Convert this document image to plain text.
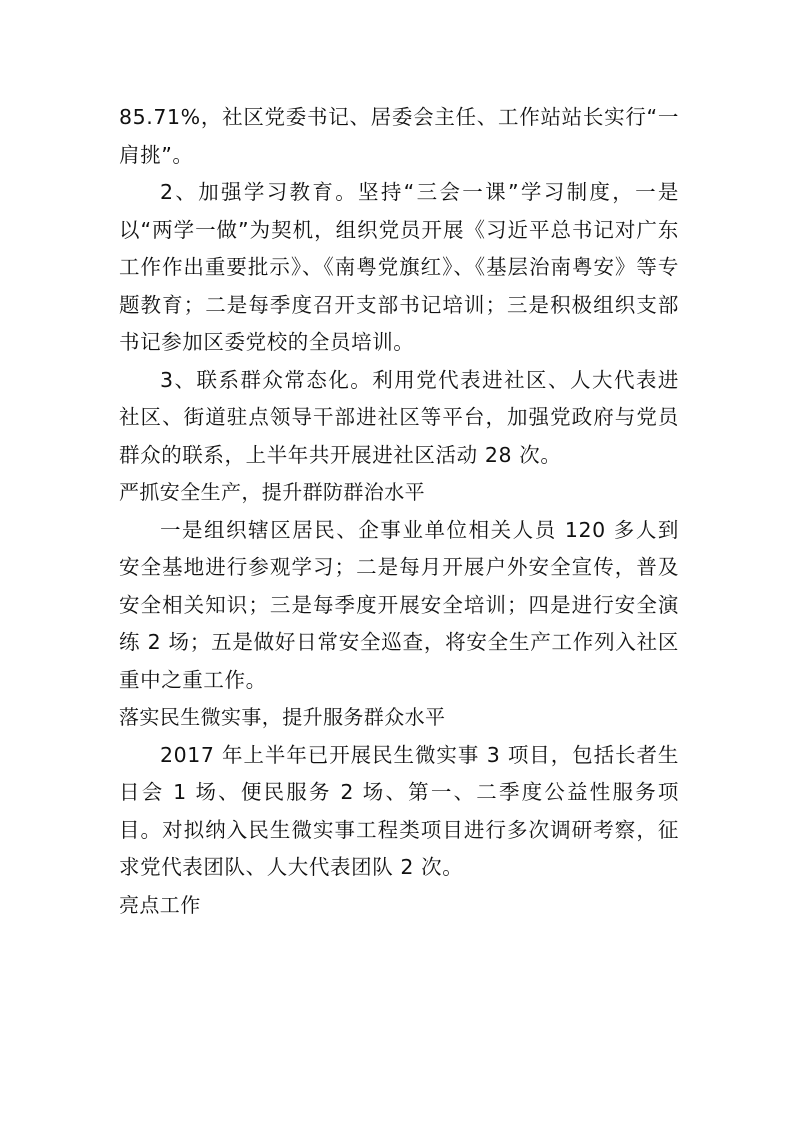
85.71%，社区党委书记、居委会主任、工作站站长实行“一肩挑”。

2、加强学习教育。坚持“三会一课”学习制度，一是以“两学一做”为契机，组织党员开展《习近平总书记对广东工作作出重要批示》、《南粤党旗红》、《基层治南粤安》等专题教育；二是每季度召开支部书记培训；三是积极组织支部书记参加区委党校的全员培训。

3、联系群众常态化。利用党代表进社区、人大代表进社区、街道驻点领导干部进社区等平台，加强党政府与党员群众的联系，上半年共开展进社区活动 28 次。

严抓安全生产，提升群防群治水平

一是组织辖区居民、企事业单位相关人员 120 多人到安全基地进行参观学习；二是每月开展户外安全宣传，普及安全相关知识；三是每季度开展安全培训；四是进行安全演练 2 场；五是做好日常安全巡查，将安全生产工作列入社区重中之重工作。

落实民生微实事，提升服务群众水平

2017 年上半年已开展民生微实事 3 项目，包括长者生日会 1 场、便民服务 2 场、第一、二季度公益性服务项目。对拟纳入民生微实事工程类项目进行多次调研考察，征求党代表团队、人大代表团队 2 次。

亮点工作
